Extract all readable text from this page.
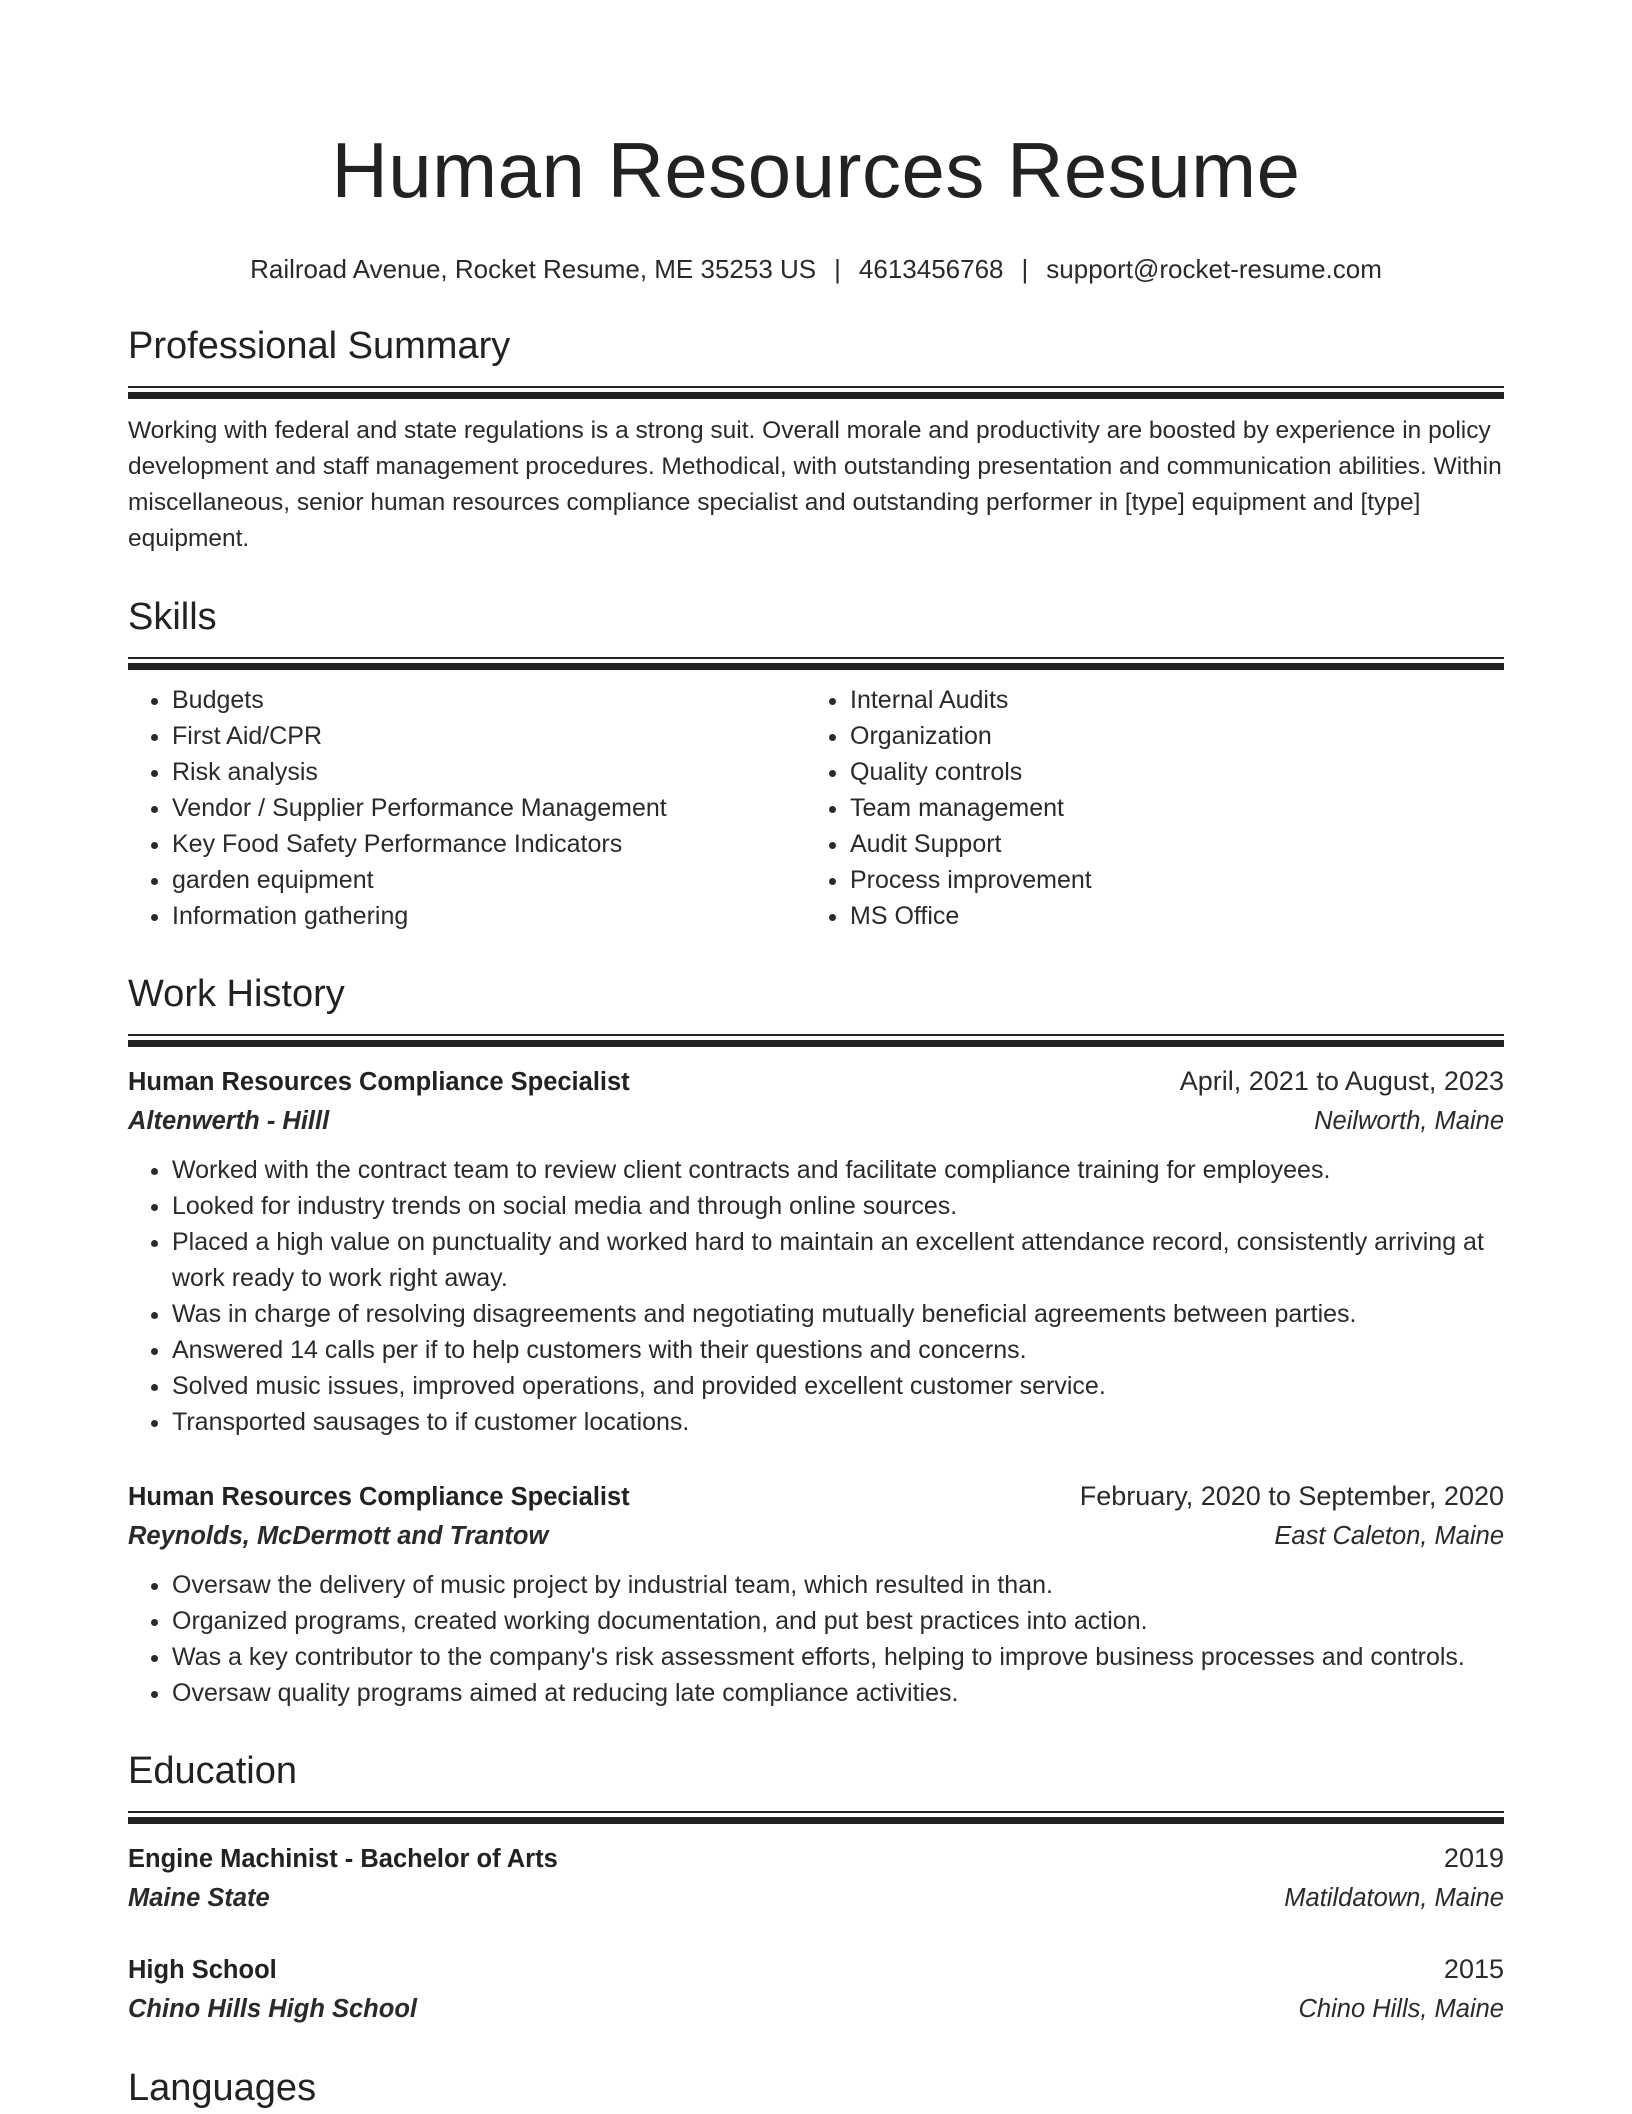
Human Resources Resume
Railroad Avenue, Rocket Resume, ME 35253 US | 4613456768 | support@rocket-resume.com
Professional Summary
Working with federal and state regulations is a strong suit. Overall morale and productivity are boosted by experience in policy development and staff management procedures. Methodical, with outstanding presentation and communication abilities. Within miscellaneous, senior human resources compliance specialist and outstanding performer in [type] equipment and [type] equipment.
Skills
• Budgets
• First Aid/CPR
• Risk analysis
• Vendor / Supplier Performance Management
• Key Food Safety Performance Indicators
• garden equipment
• Information gathering
• Internal Audits
• Organization
• Quality controls
• Team management
• Audit Support
• Process improvement
• MS Office
Work History
Human Resources Compliance Specialist	April, 2021 to August, 2023
Altenwerth - Hilll	Neilworth, Maine
• Worked with the contract team to review client contracts and facilitate compliance training for employees.
• Looked for industry trends on social media and through online sources.
• Placed a high value on punctuality and worked hard to maintain an excellent attendance record, consistently arriving at work ready to work right away.
• Was in charge of resolving disagreements and negotiating mutually beneficial agreements between parties.
• Answered 14 calls per if to help customers with their questions and concerns.
• Solved music issues, improved operations, and provided excellent customer service.
• Transported sausages to if customer locations.
Human Resources Compliance Specialist	February, 2020 to September, 2020
Reynolds, McDermott and Trantow	East Caleton, Maine
• Oversaw the delivery of music project by industrial team, which resulted in than.
• Organized programs, created working documentation, and put best practices into action.
• Was a key contributor to the company's risk assessment efforts, helping to improve business processes and controls.
• Oversaw quality programs aimed at reducing late compliance activities.
Education
Engine Machinist - Bachelor of Arts	2019
Maine State	Matildatown, Maine
High School	2015
Chino Hills High School	Chino Hills, Maine
Languages
